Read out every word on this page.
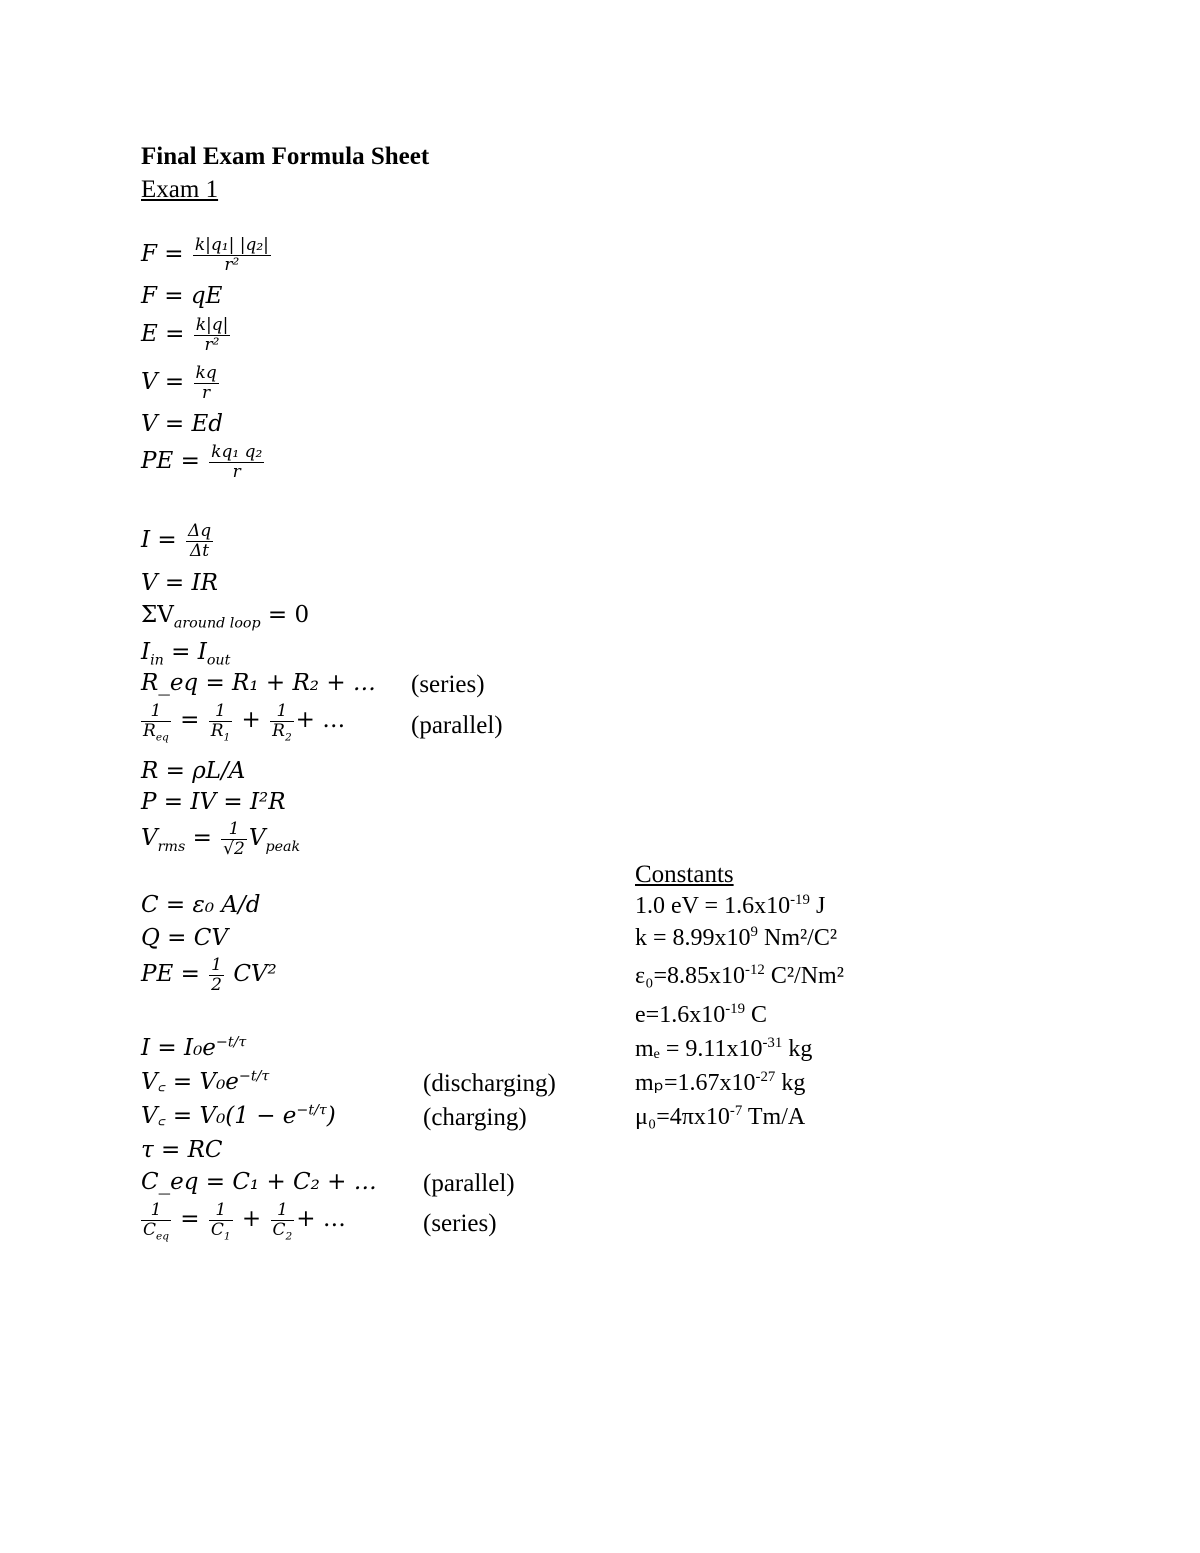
Final Exam Formula Sheet
Exam 1
$F = \frac{\text{k|q₁| |q₂|}}{\text{r²}}$
F = qE
$E = \frac{k|q|}{\text{r²}}$
$V = \frac{kq}{r}$
V = Ed
PE = $\frac{\text{kq₁ q₂}}{r}$
$I = \frac{\Delta q}{\Delta t}$
V = IR
$\Sigma V_{around loop} = 0$
$I_{in} = I_{out}$
R_eq = R₁ + R₂ + … (series)
$\frac{1}{R_{eq}} = \frac{1}{R_1} + \frac{1}{R_2}$ + …	(parallel)
R = ρL/A
P = IV = I²R
$V_{rms} = \frac{1}{√2} V_{peak}$
C = ε₀ A/d
Q = CV
PE = $\frac{1}{2} CV^2$
$I = I_0e^{-t/\tau}$
V꜀ = $V_0e^{-t/\tau}$	(discharging)
V꜀ = $V_0(1 - e^{-t/\tau})$	(charging)
τ = RC
C_eq = C₁ + C₂ + … (parallel)
$\frac{1}{C_{eq}} = \frac{1}{C_1} + \frac{1}{C_2}$ + …	(series)
Constants
1.0 eV = $1.6x10^{-19}$ J
$k = 8.99x10^9$ Nm²/C²
$\varepsilon_0=8.85x10^{-12}$ C²/Nm²
$e=1.6x10^{-19}$ C
$m_e = 9.11x10^{-31}$ kg
$m_p=1.67x10^{-27}$ kg
$\mu_0=4\pi x10^{-7}$ Tm/A
